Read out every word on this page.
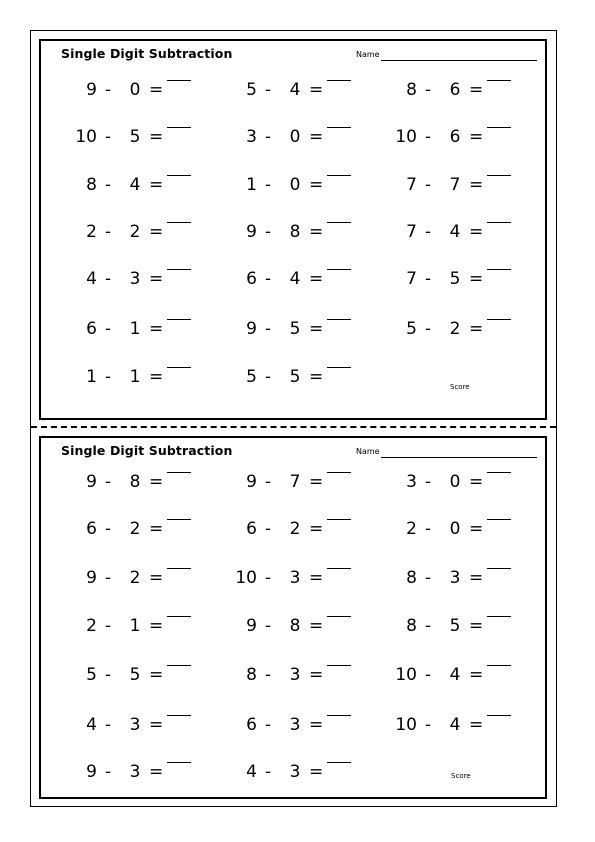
Single Digit Subtraction	Name
Score
9 - 0 =	5 - 4 =	8 - 6 =
10 - 5 =	3 - 0 =	10 - 6 =
8 - 4 =	1 - 0 =	7 - 7 =
2 - 2 =	9 - 8 =	7 - 4 =
4 - 3 =	6 - 4 =	7 - 5 =
6 - 1 =	9 - 5 =	5 - 2 =
1 - 1 =	5 - 5 =
Single Digit Subtraction	Name
Score
9 - 8 =	9 - 7 =	3 - 0 =
6 - 2 =	6 - 2 =	2 - 0 =
9 - 2 =	10 - 3 =	8 - 3 =
2 - 1 =	9 - 8 =	8 - 5 =
5 - 5 =	8 - 3 =	10 - 4 =
4 - 3 =	6 - 3 =	10 - 4 =
9 - 3 =	4 - 3 =
